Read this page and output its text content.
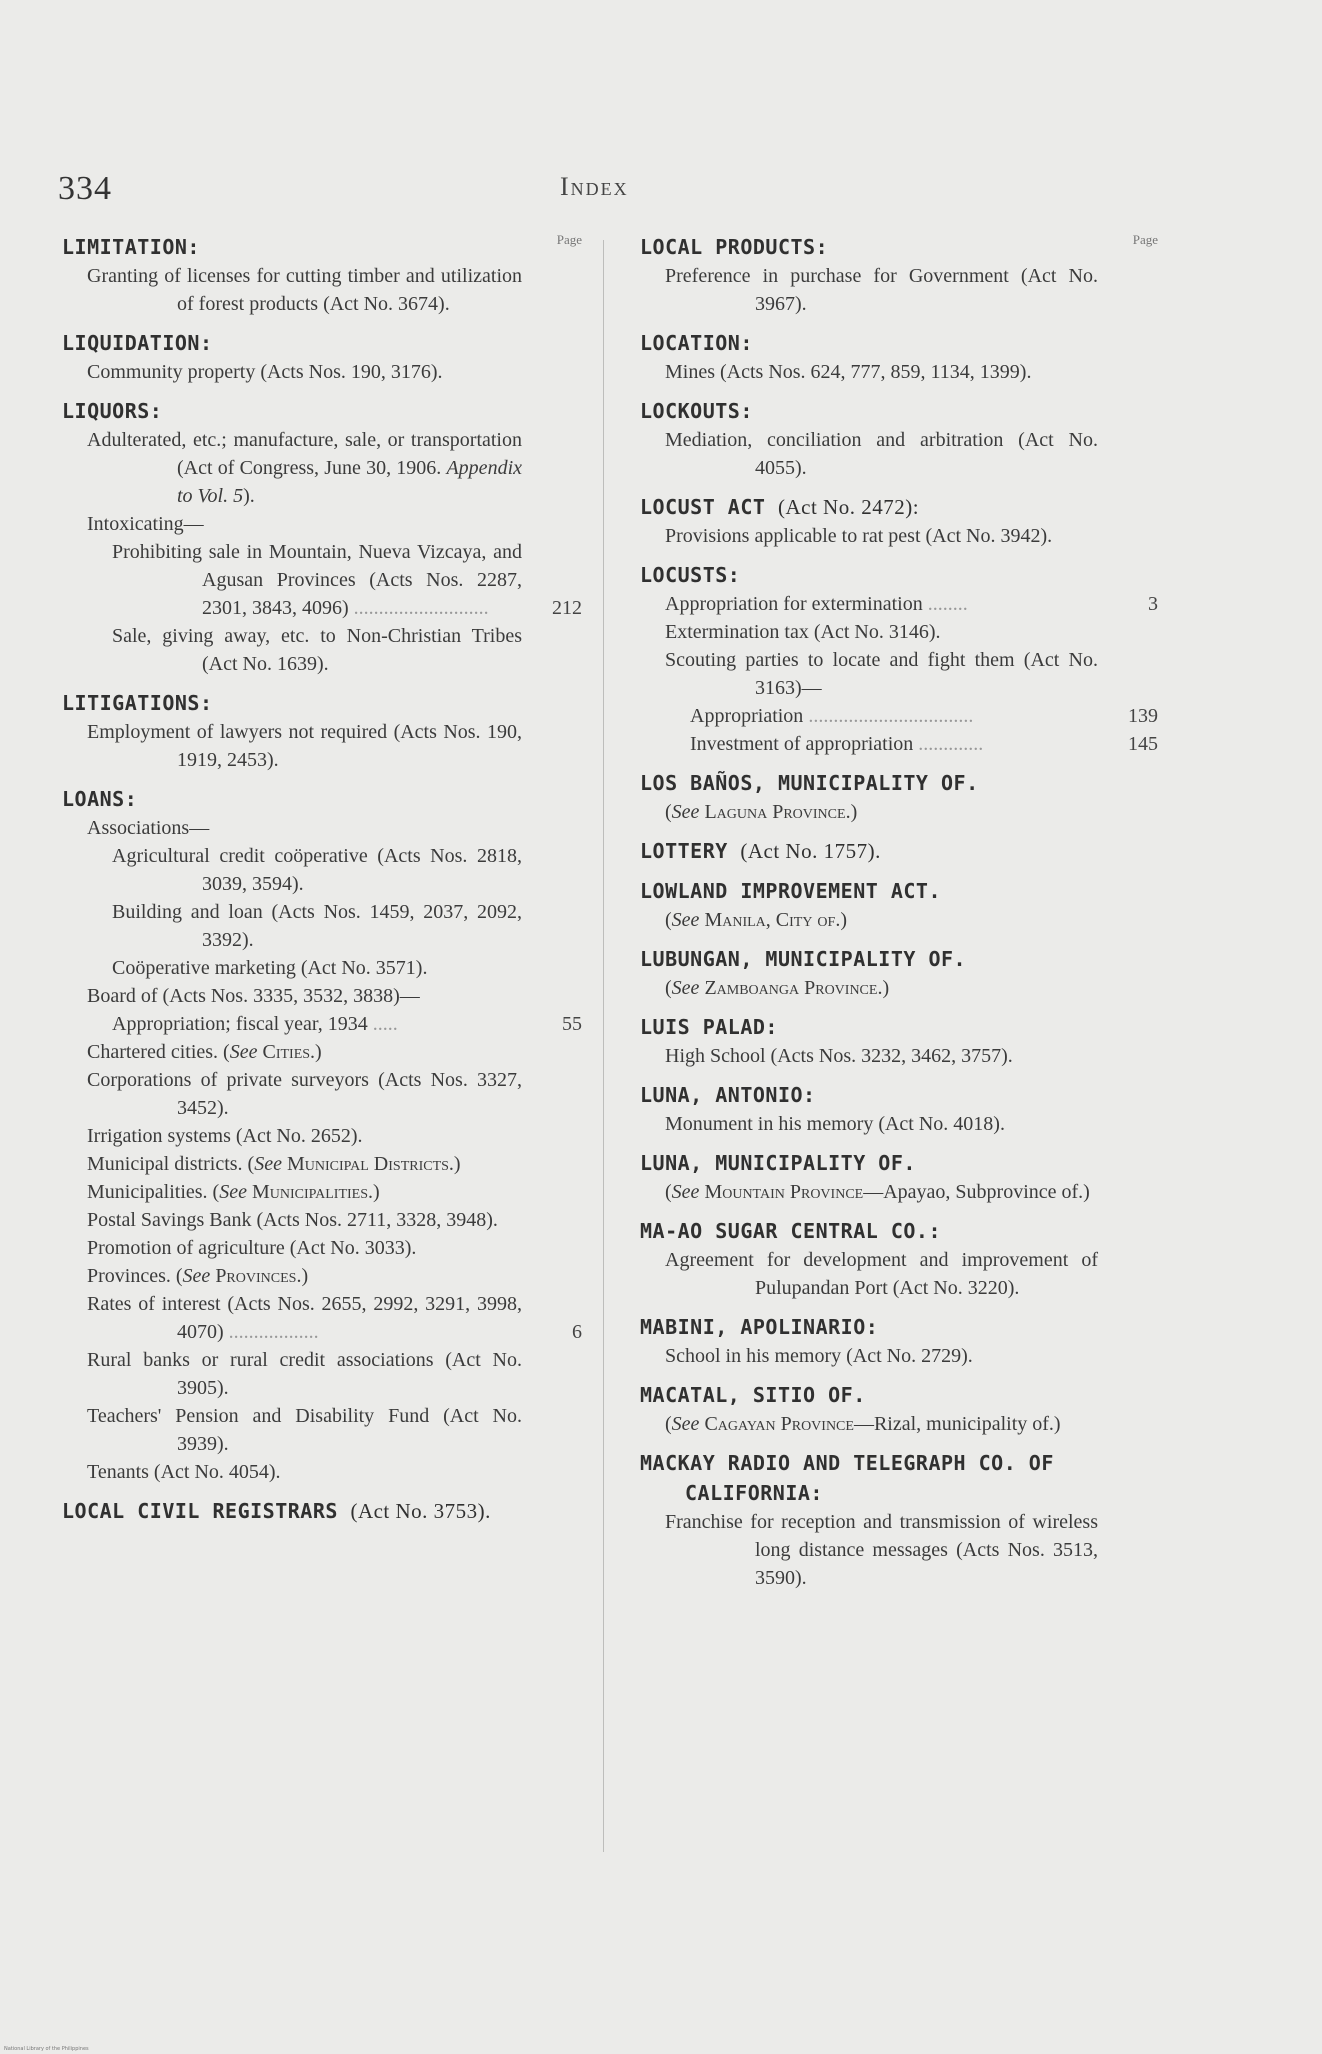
334	Index
Page
LIMITATION:
Granting of licenses for cutting timber and utilization of forest products (Act No. 3674).
LIQUIDATION:
Community property (Acts Nos. 190, 3176).
LIQUORS:
Adulterated, etc.; manufacture, sale, or transportation (Act of Congress, June 30, 1906. Appendix to Vol. 5).
Intoxicating—
Prohibiting sale in Mountain, Nueva Vizcaya, and Agusan Provinces (Acts Nos. 2287, 2301, 3843, 4096) ...........................	212
Sale, giving away, etc. to Non-Christian Tribes (Act No. 1639).
LITIGATIONS:
Employment of lawyers not required (Acts Nos. 190, 1919, 2453).
LOANS:
Associations—
Agricultural credit coöperative (Acts Nos. 2818, 3039, 3594).
Building and loan (Acts Nos. 1459, 2037, 2092, 3392).
Coöperative marketing (Act No. 3571).
Board of (Acts Nos. 3335, 3532, 3838)—
Appropriation; fiscal year, 1934 .....	55
Chartered cities. (See Cities.)
Corporations of private surveyors (Acts Nos. 3327, 3452).
Irrigation systems (Act No. 2652).
Municipal districts. (See Municipal Districts.)
Municipalities. (See Municipalities.)
Postal Savings Bank (Acts Nos. 2711, 3328, 3948).
Promotion of agriculture (Act No. 3033).
Provinces. (See Provinces.)
Rates of interest (Acts Nos. 2655, 2992, 3291, 3998, 4070) ..................	6
Rural banks or rural credit associations (Act No. 3905).
Teachers' Pension and Disability Fund (Act No. 3939).
Tenants (Act No. 4054).
LOCAL CIVIL REGISTRARS (Act No. 3753).
Page
LOCAL PRODUCTS:
Preference in purchase for Government (Act No. 3967).
LOCATION:
Mines (Acts Nos. 624, 777, 859, 1134, 1399).
LOCKOUTS:
Mediation, conciliation and arbitration (Act No. 4055).
LOCUST ACT (Act No. 2472):
Provisions applicable to rat pest (Act No. 3942).
LOCUSTS:
Appropriation for extermination ........	3
Extermination tax (Act No. 3146).
Scouting parties to locate and fight them (Act No. 3163)—
Appropriation .................................	139
Investment of appropriation .............	145
LOS BAÑOS, MUNICIPALITY OF.
(See Laguna Province.)
LOTTERY (Act No. 1757).
LOWLAND IMPROVEMENT ACT.
(See Manila, City of.)
LUBUNGAN, MUNICIPALITY OF.
(See Zamboanga Province.)
LUIS PALAD:
High School (Acts Nos. 3232, 3462, 3757).
LUNA, ANTONIO:
Monument in his memory (Act No. 4018).
LUNA, MUNICIPALITY OF.
(See Mountain Province—Apayao, Subprovince of.)
MA-AO SUGAR CENTRAL CO.:
Agreement for development and improvement of Pulupandan Port (Act No. 3220).
MABINI, APOLINARIO:
School in his memory (Act No. 2729).
MACATAL, SITIO OF.
(See Cagayan Province—Rizal, municipality of.)
MACKAY RADIO AND TELEGRAPH CO. OF CALIFORNIA:
Franchise for reception and transmission of wireless long distance messages (Acts Nos. 3513, 3590).
National Library of the Philippines
